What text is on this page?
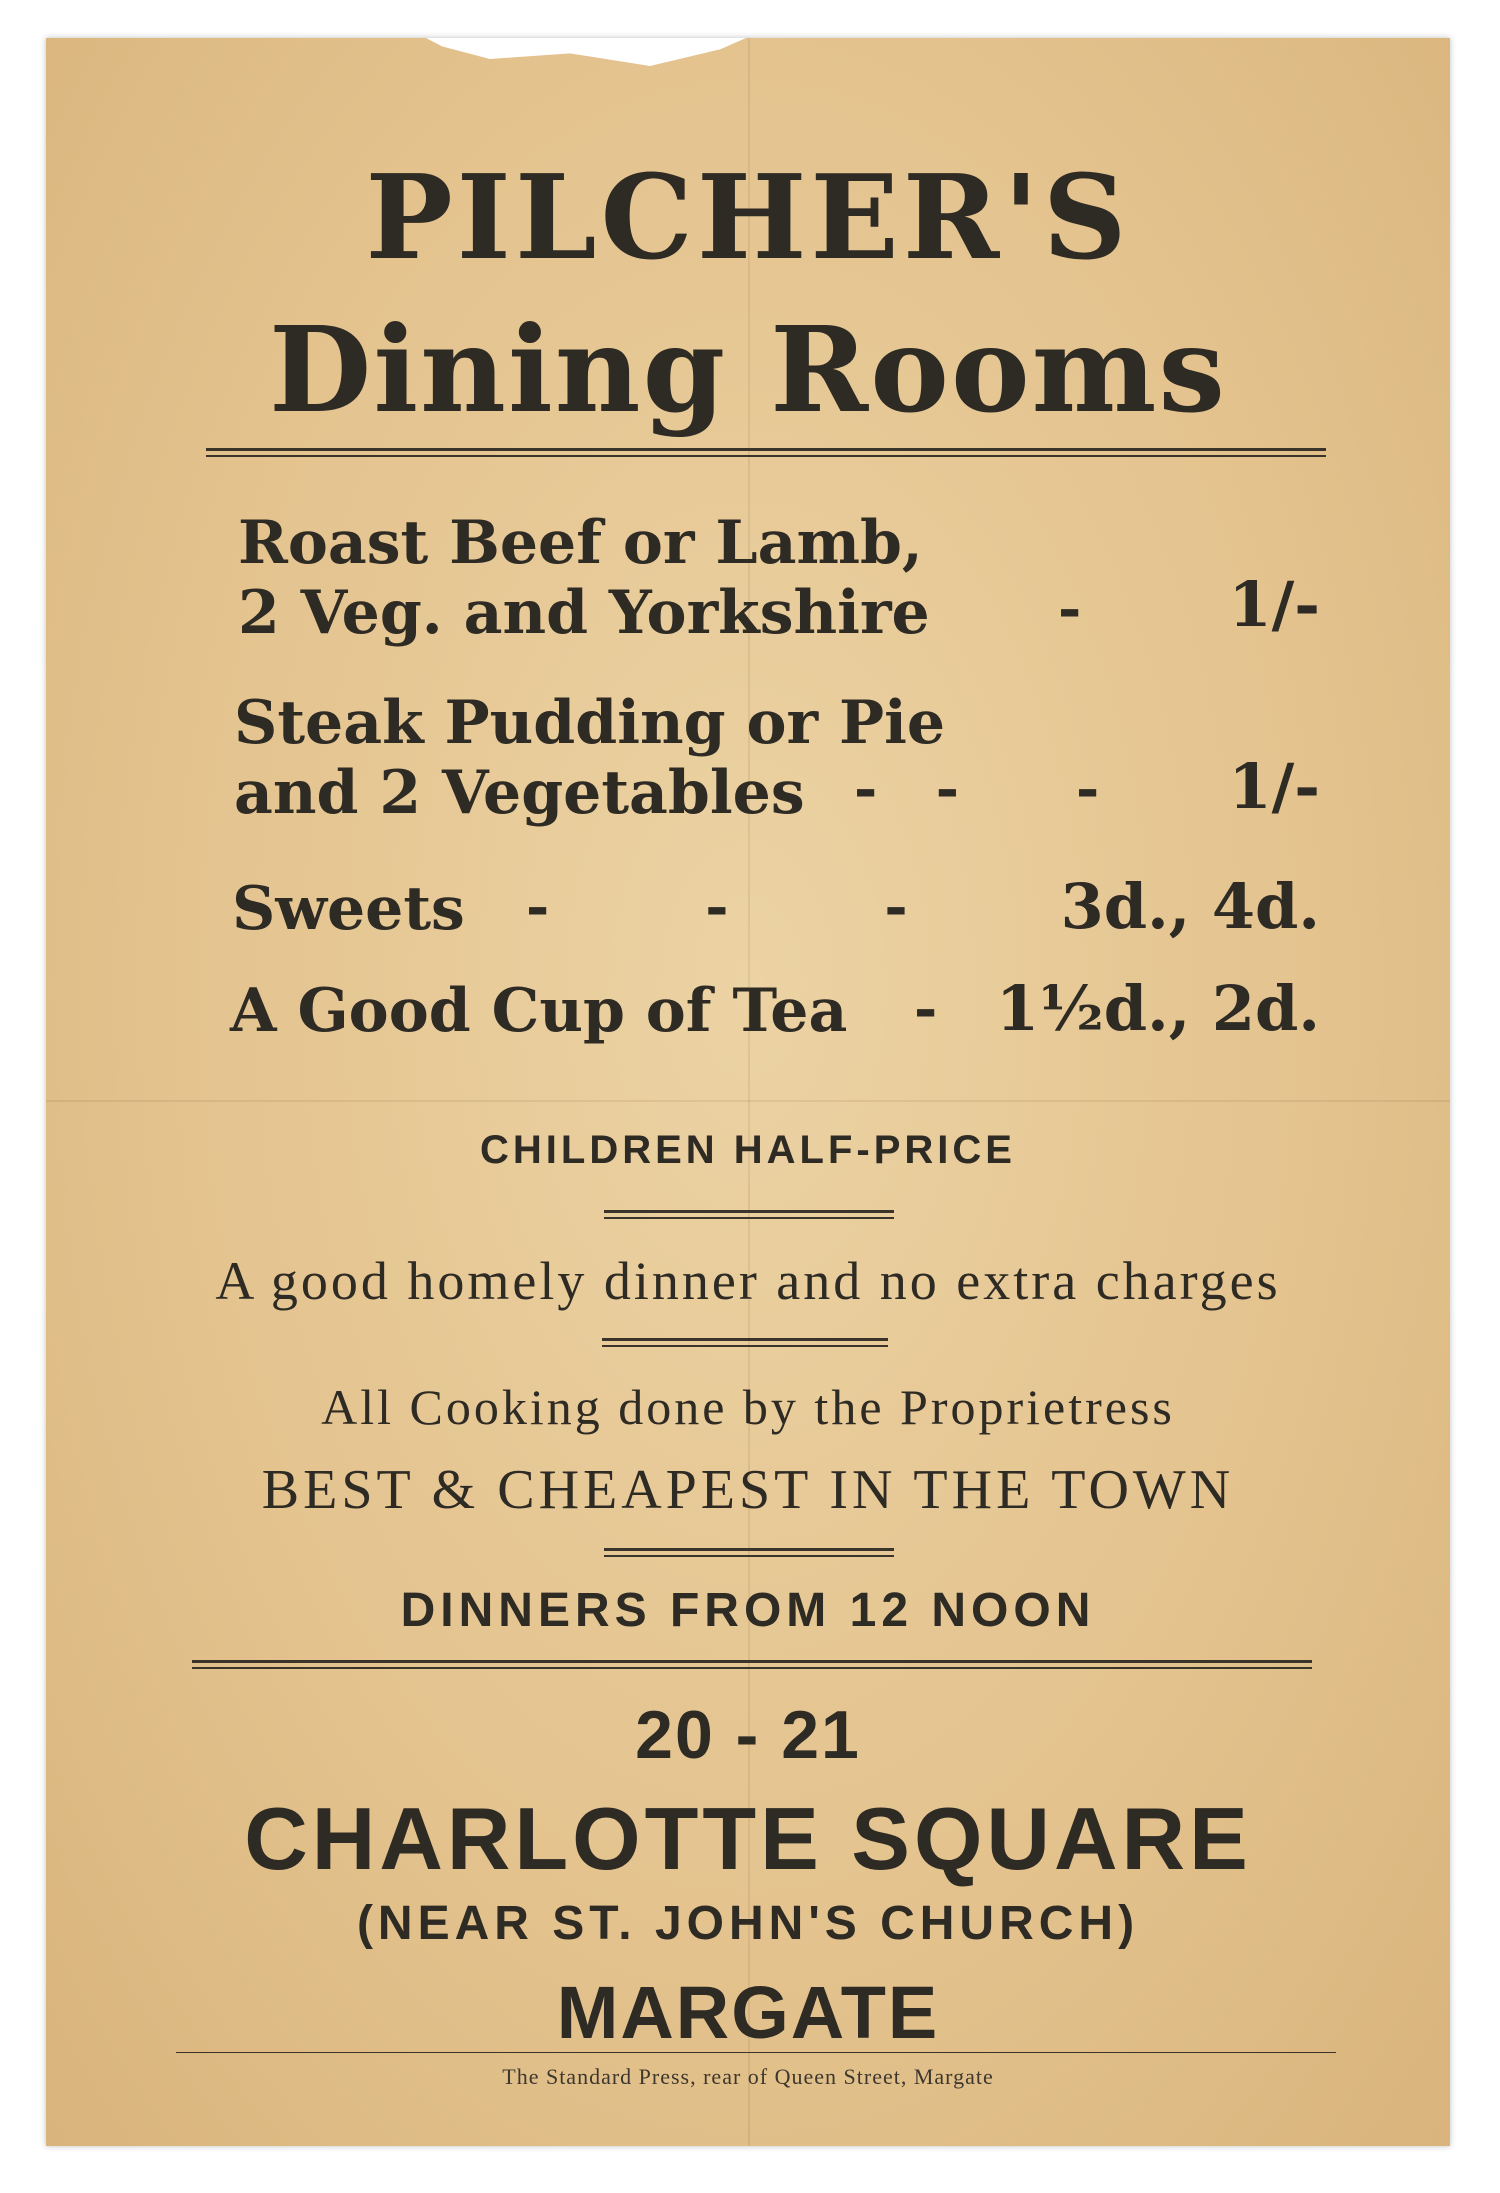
PILCHER'S
Dining Rooms
Roast Beef or Lamb,
2 Veg. and Yorkshire - 1/-
Steak Pudding or Pie
and 2 Vegetables -   -      - 1/-
Sweets -        -        - 3d., 4d.
A Good Cup of Tea - 1½d., 2d.
CHILDREN HALF-PRICE
A good homely dinner and no extra charges
All Cooking done by the Proprietress
BEST & CHEAPEST IN THE TOWN
DINNERS FROM 12 NOON
20 - 21
CHARLOTTE SQUARE
(NEAR ST. JOHN'S CHURCH)
MARGATE
The Standard Press, rear of Queen Street, Margate
